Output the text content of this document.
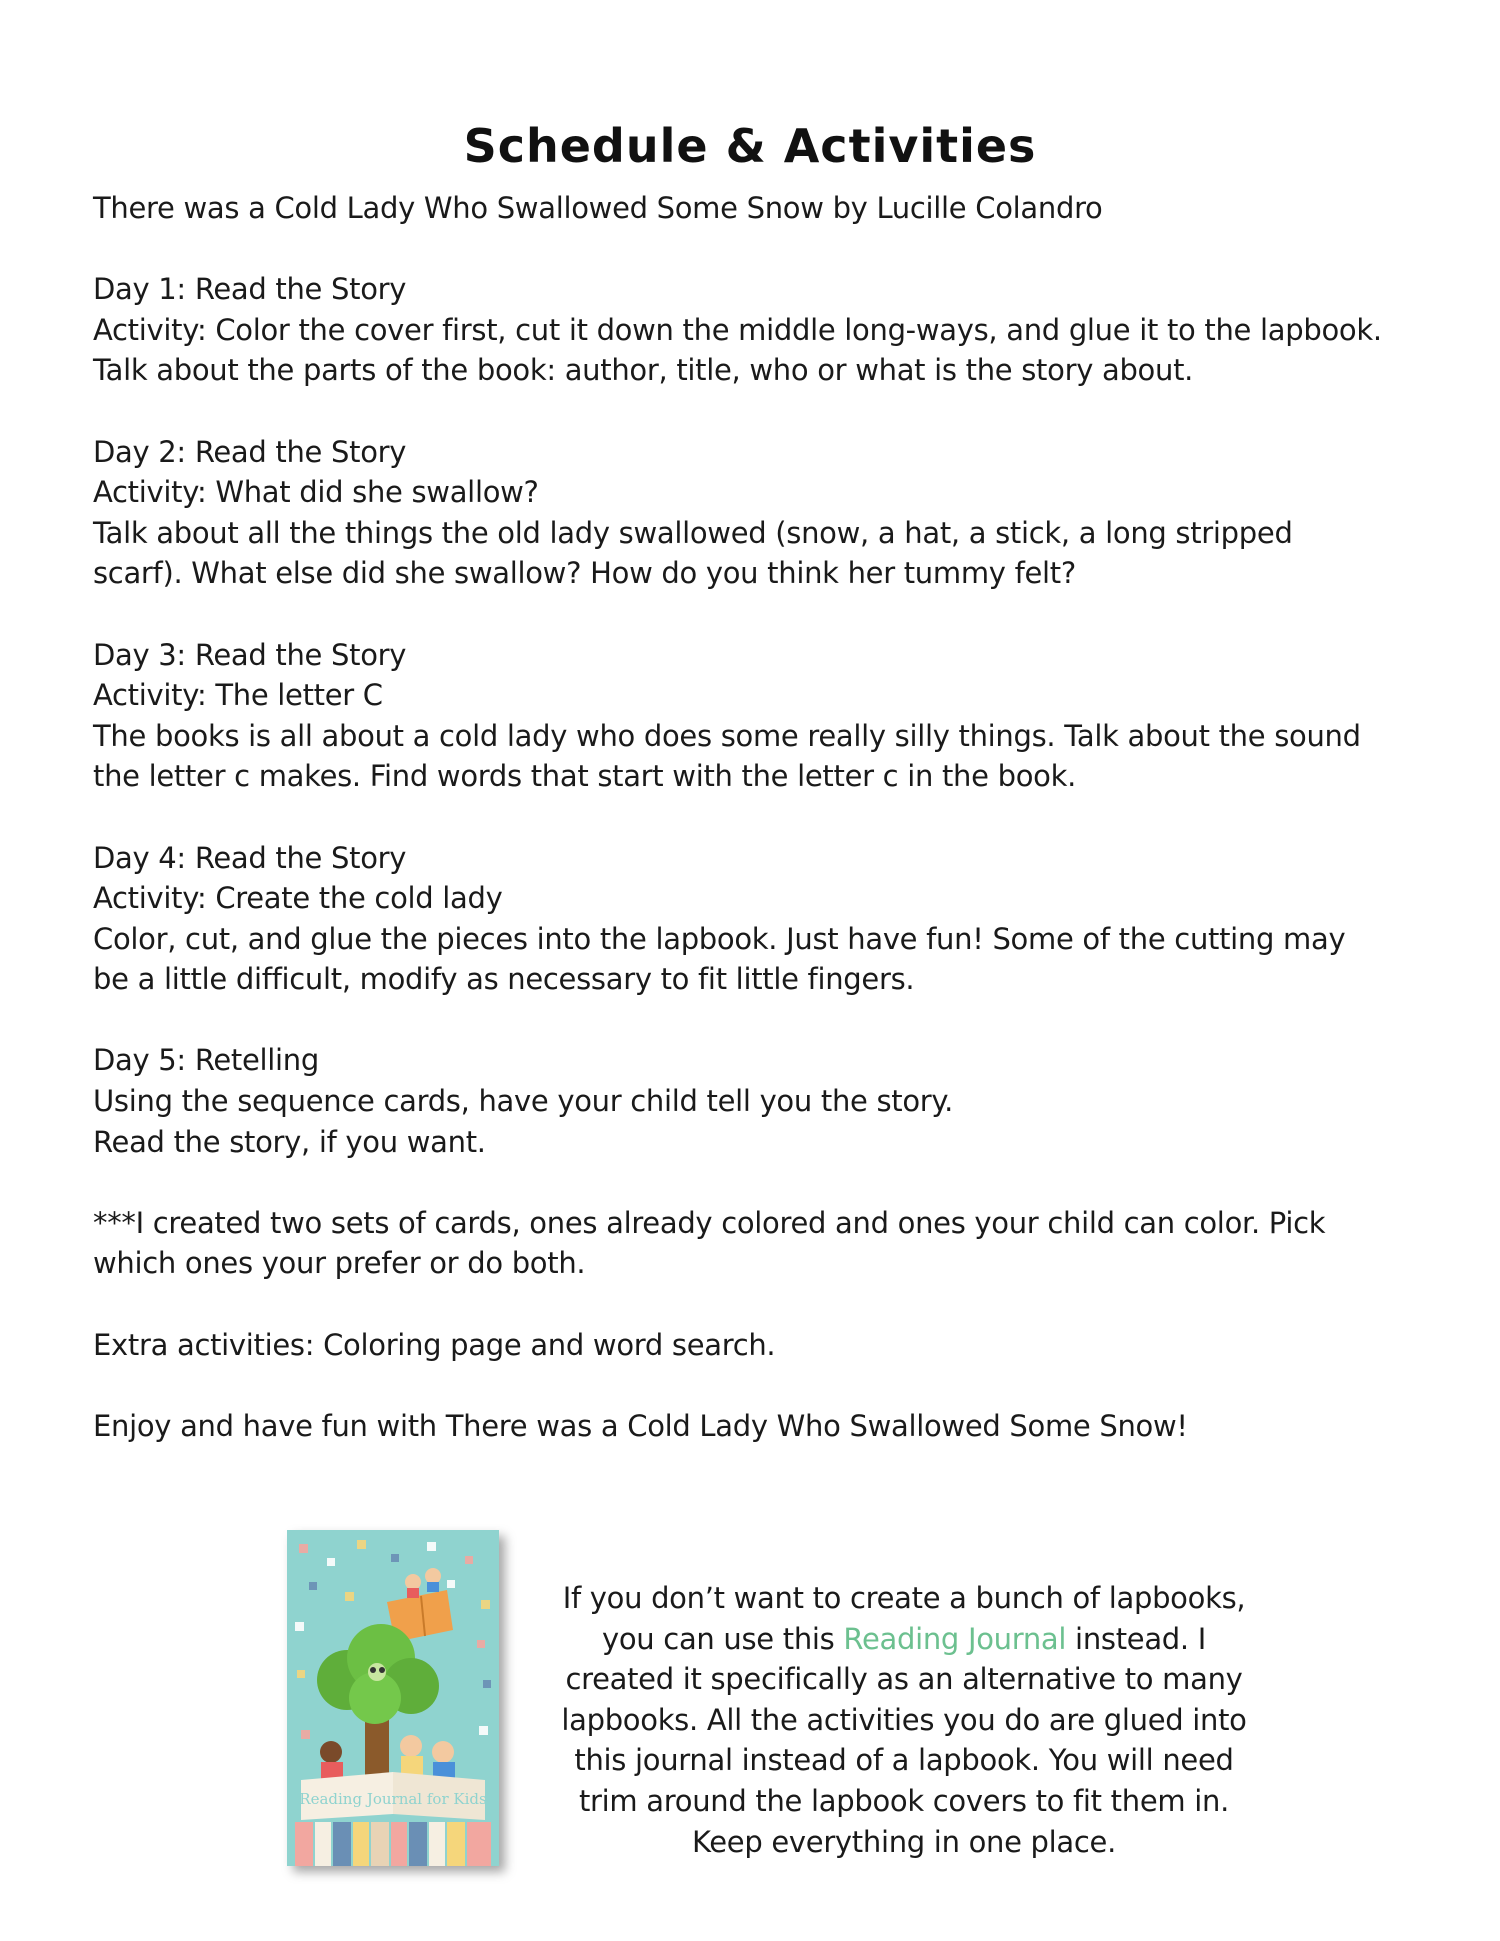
Schedule & Activities

There was a Cold Lady Who Swallowed Some Snow by Lucille Colandro

Day 1: Read the Story
Activity: Color the cover first, cut it down the middle long-ways, and glue it to the lapbook.
Talk about the parts of the book: author, title, who or what is the story about.

Day 2: Read the Story
Activity: What did she swallow?
Talk about all the things the old lady swallowed (snow, a hat, a stick, a long stripped
scarf). What else did she swallow? How do you think her tummy felt?

Day 3: Read the Story
Activity: The letter C
The books is all about a cold lady who does some really silly things. Talk about the sound
the letter c makes. Find words that start with the letter c in the book.

Day 4: Read the Story
Activity: Create the cold lady
Color, cut, and glue the pieces into the lapbook. Just have fun! Some of the cutting may
be a little difficult, modify as necessary to fit little fingers.

Day 5: Retelling
Using the sequence cards, have your child tell you the story.
Read the story, if you want.

***I created two sets of cards, ones already colored and ones your child can color. Pick
which ones your prefer or do both.

Extra activities: Coloring page and word search.

Enjoy and have fun with There was a Cold Lady Who Swallowed Some Snow!

Reading Journal for Kids
If you don’t want to create a bunch of lapbooks,
you can use this Reading Journal instead. I
created it specifically as an alternative to many
lapbooks. All the activities you do are glued into
this journal instead of a lapbook. You will need
trim around the lapbook covers to fit them in.
Keep everything in one place.
